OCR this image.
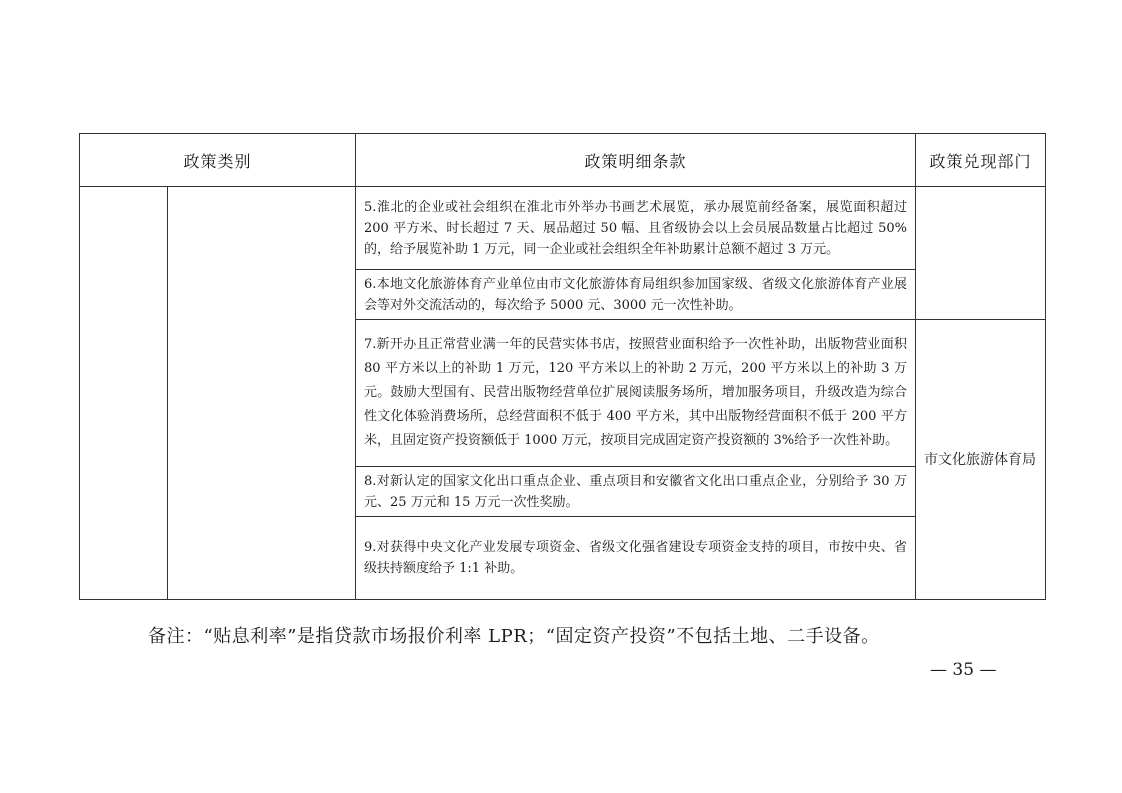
政策类别		政策明细条款	政策兑现部门
		5.淮北的企业或社会组织在淮北市外举办书画艺术展览，承办展览前经备案，展览面积超过 200 平方米、时长超过 7 天、展品超过 50 幅、且省级协会以上会员展品数量占比超过 50%的，给予展览补助 1 万元，同一企业或社会组织全年补助累计总额不超过 3 万元。	
		6.本地文化旅游体育产业单位由市文化旅游体育局组织参加国家级、省级文化旅游体育产业展会等对外交流活动的，每次给予 5000 元、3000 元一次性补助。	
		7.新开办且正常营业满一年的民营实体书店，按照营业面积给予一次性补助，出版物营业面积 80 平方米以上的补助 1 万元，120 平方米以上的补助 2 万元，200 平方米以上的补助 3 万元。鼓励大型国有、民营出版物经营单位扩展阅读服务场所，增加服务项目，升级改造为综合性文化体验消费场所，总经营面积不低于 400 平方米，其中出版物经营面积不低于 200 平方米，且固定资产投资额低于 1000 万元，按项目完成固定资产投资额的 3%给予一次性补助。	市文化旅游体育局
		8.对新认定的国家文化出口重点企业、重点项目和安徽省文化出口重点企业，分别给予 30 万元、25 万元和 15 万元一次性奖励。	
		9.对获得中央文化产业发展专项资金、省级文化强省建设专项资金支持的项目，市按中央、省级扶持额度给予 1:1 补助。	
备注：“贴息利率”是指贷款市场报价利率 LPR；“固定资产投资”不包括土地、二手设备。
— 35 —
